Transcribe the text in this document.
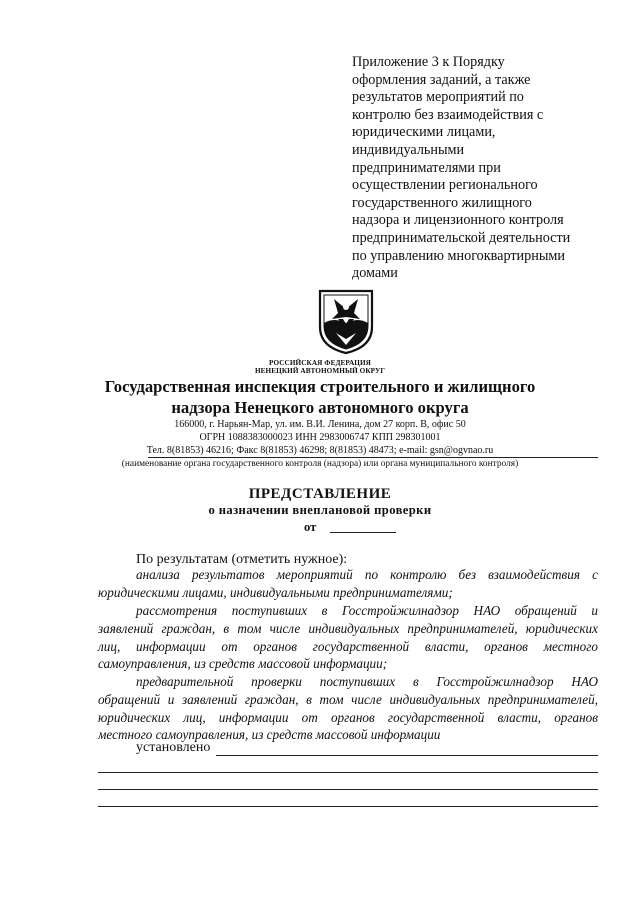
Приложение 3 к Порядку
оформления заданий, а также
результатов мероприятий по
контролю без взаимодействия с
юридическими лицами,
индивидуальными
предпринимателями при
осуществлении регионального
государственного жилищного
надзора и лицензионного контроля
предпринимательской деятельности
по управлению многоквартирными
домами
РОССИЙСКАЯ ФЕДЕРАЦИЯ
НЕНЕЦКИЙ АВТОНОМНЫЙ ОКРУГ
Государственная инспекция строительного и жилищного
надзора Ненецкого автономного округа
166000, г. Нарьян-Мар, ул. им. В.И. Ленина, дом 27 корп. В, офис 50
ОГРН 1088383000023 ИНН 2983006747 КПП 298301001
Тел. 8(81853) 46216; Факс 8(81853) 46298; 8(81853) 48473; e-mail: gsn@ogvnao.ru
(наименование органа государственного контроля (надзора) или органа муниципального контроля)
ПРЕДСТАВЛЕНИЕ
о назначении внеплановой проверки
от
По результатам (отметить нужное):
анализа результатов мероприятий по контролю без взаимодействия с
юридическими лицами, индивидуальными предпринимателями;
рассмотрения поступивших в Госстройжилнадзор НАО обращений и
заявлений граждан, в том числе индивидуальных предпринимателей, юридических
лиц, информации от органов государственной власти, органов местного
самоуправления, из средств массовой информации;
предварительной проверки поступивших в Госстройжилнадзор НАО
обращений и заявлений граждан, в том числе индивидуальных предпринимателей,
юридических лиц, информации от органов государственной власти, органов
местного самоуправления, из средств массовой информации
установлено
